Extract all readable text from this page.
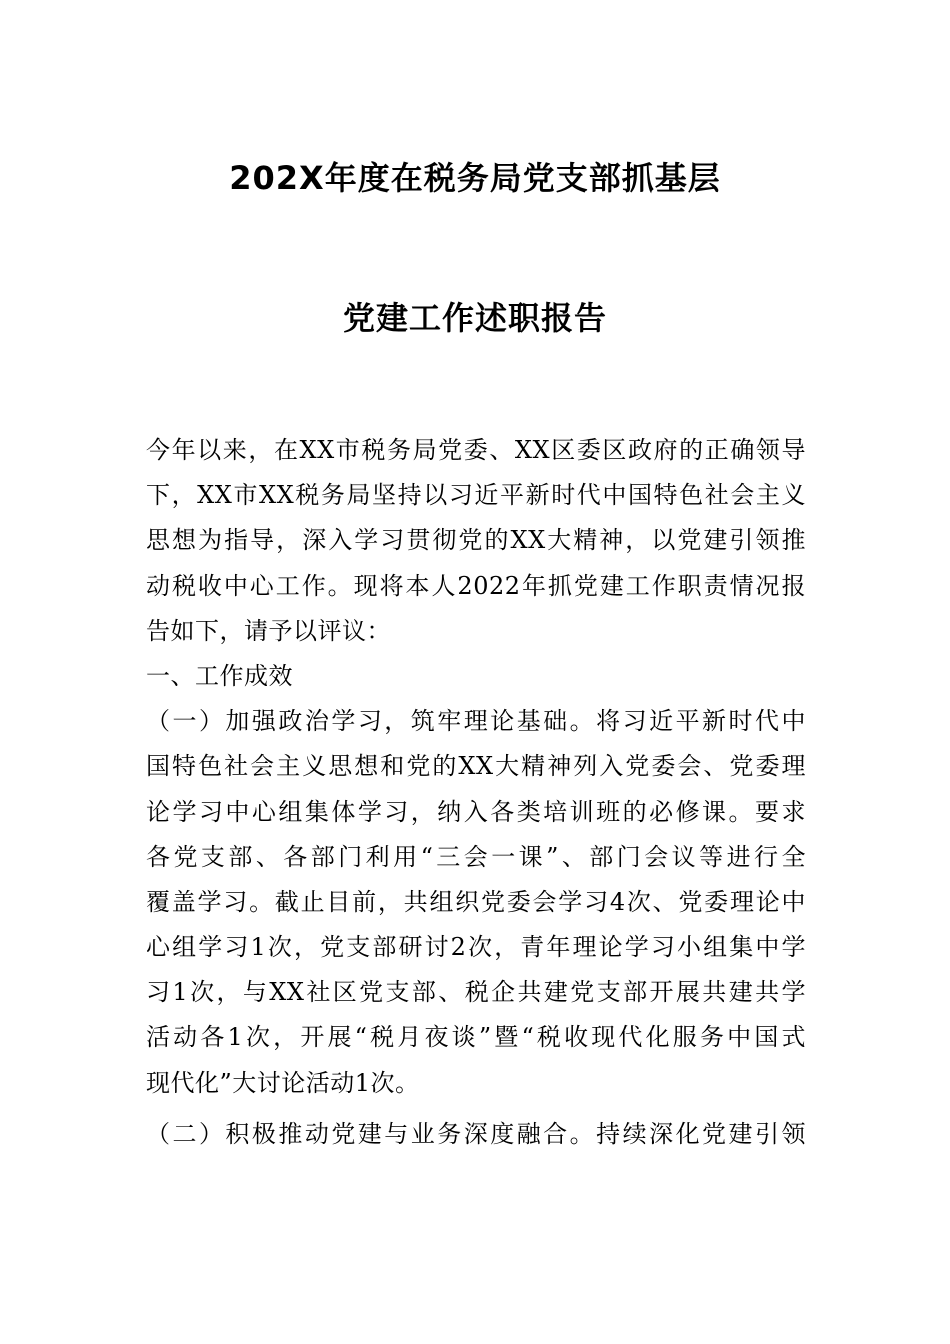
202X年度在税务局党支部抓基层
党建工作述职报告
今年以来，在XX市税务局党委、XX区委区政府的正确领导
下，XX市XX税务局坚持以习近平新时代中国特色社会主义
思想为指导，深入学习贯彻党的XX大精神，以党建引领推
动税收中心工作。现将本人2022年抓党建工作职责情况报
告如下，请予以评议：
一、工作成效
（一）加强政治学习，筑牢理论基础。将习近平新时代中
国特色社会主义思想和党的XX大精神列入党委会、党委理
论学习中心组集体学习，纳入各类培训班的必修课。要求
各党支部、各部门利用“三会一课”、部门会议等进行全
覆盖学习。截止目前，共组织党委会学习4次、党委理论中
心组学习1次，党支部研讨2次，青年理论学习小组集中学
习1次，与XX社区党支部、税企共建党支部开展共建共学
活动各1次，开展“税月夜谈”暨“税收现代化服务中国式
现代化”大讨论活动1次。
（二）积极推动党建与业务深度融合。持续深化党建引领
